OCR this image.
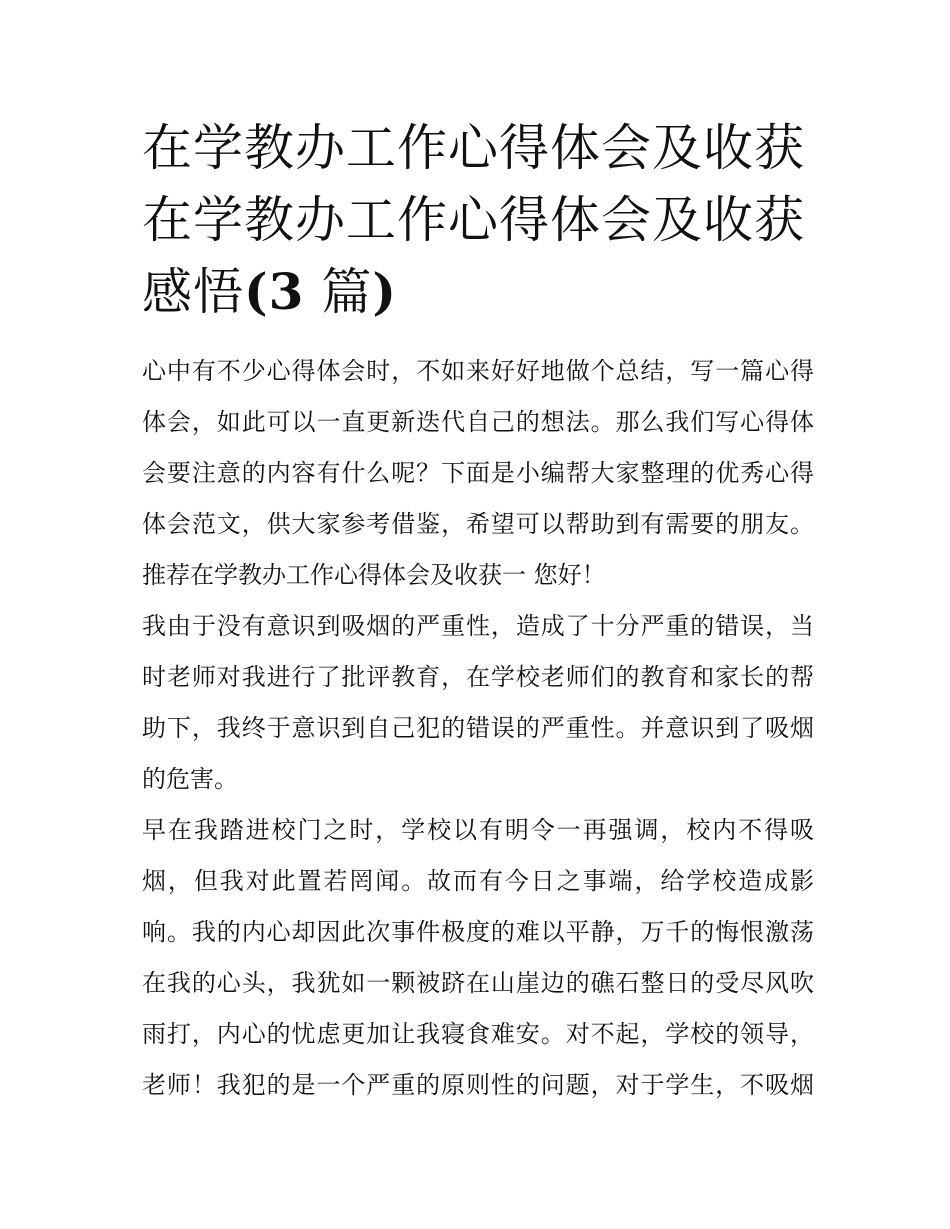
在学教办工作心得体会及收获
在学教办工作心得体会及收获
感悟(3 篇)
心中有不少心得体会时，不如来好好地做个总结，写一篇心得
体会，如此可以一直更新迭代自己的想法。那么我们写心得体
会要注意的内容有什么呢？下面是小编帮大家整理的优秀心得
体会范文，供大家参考借鉴，希望可以帮助到有需要的朋友。
推荐在学教办工作心得体会及收获一 您好！
我由于没有意识到吸烟的严重性，造成了十分严重的错误，当
时老师对我进行了批评教育，在学校老师们的教育和家长的帮
助下，我终于意识到自己犯的错误的严重性。并意识到了吸烟
的危害。
早在我踏进校门之时，学校以有明令一再强调，校内不得吸
烟，但我对此置若罔闻。故而有今日之事端，给学校造成影
响。我的内心却因此次事件极度的难以平静，万千的悔恨激荡
在我的心头，我犹如一颗被跻在山崖边的礁石整日的受尽风吹
雨打，内心的忧虑更加让我寝食难安。对不起，学校的领导，
老师！我犯的是一个严重的原则性的问题，对于学生，不吸烟
